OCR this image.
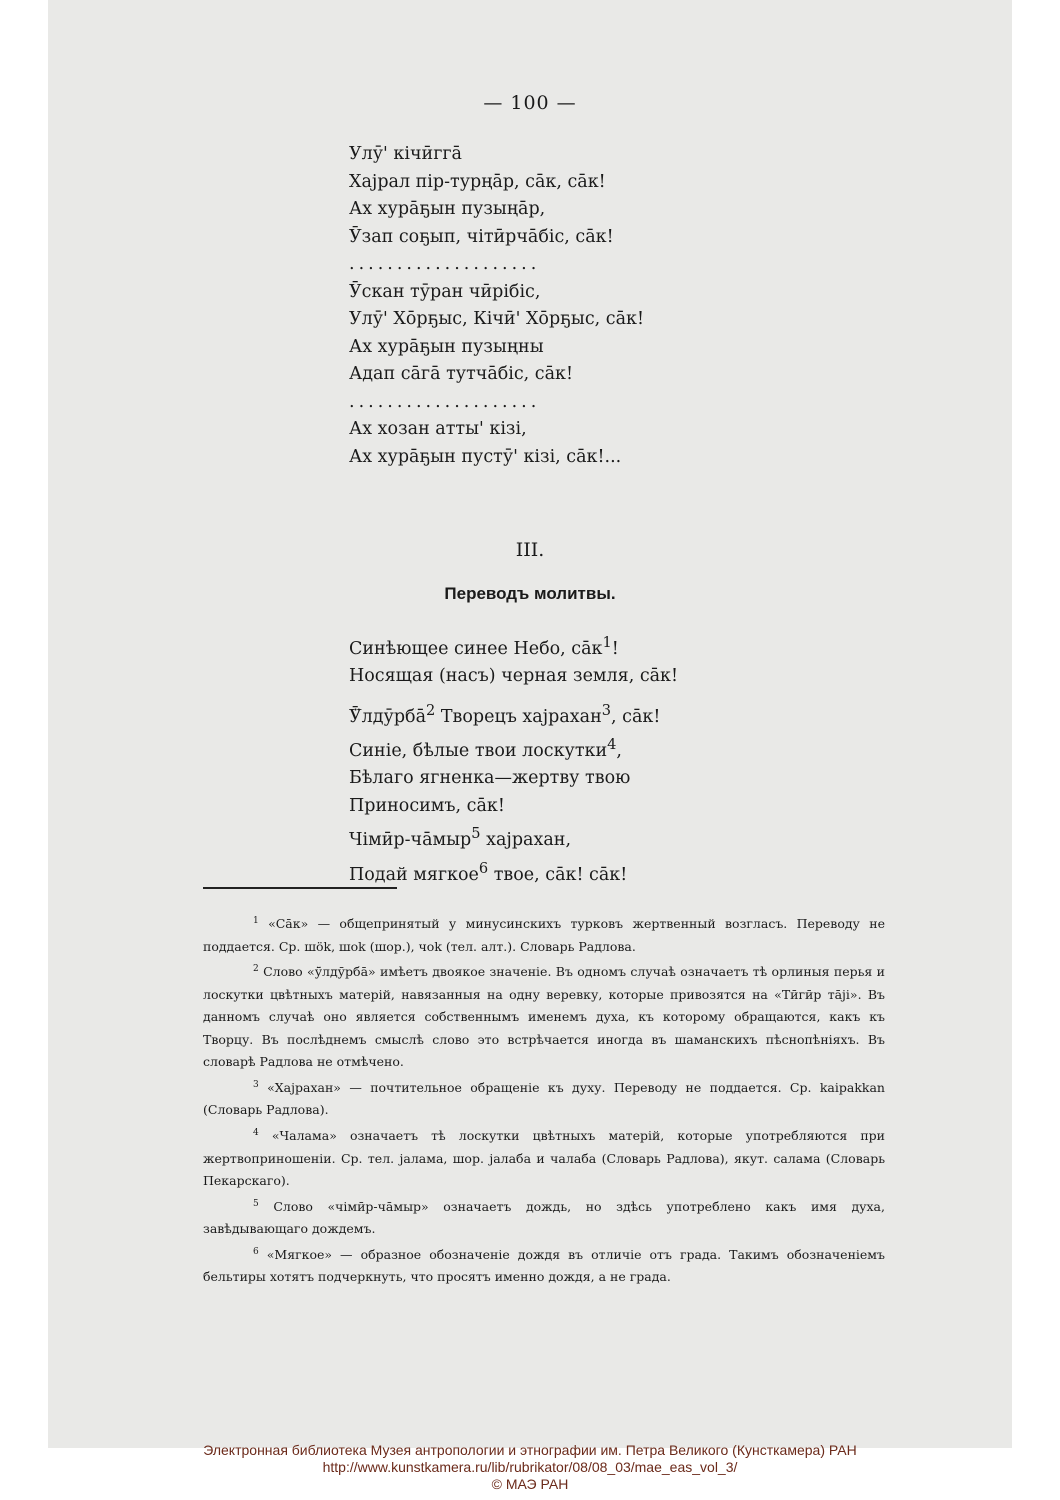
— 100 —
Улӯ' кічӣгга̄
Хајрал пір-турңа̄р, са̄к, са̄к!
Ах хура̄ҕын пузыңа̄р,
Ӯзап соҕып, чітӣрча̄біс, са̄к!
....................
Ӯскан тӯран чӣрібіс,
Улӯ' Хо̄рҕыс, Кічӣ' Хо̄рҕыс, са̄к!
Ах хура̄ҕын пузыңны
Адап са̄га̄ тутча̄біс, са̄к!
....................
Ах хозан атты' кізі,
Ах хура̄ҕын пустӯ' кізі, са̄к!...
III.
Переводъ молитвы.
Синѣющее синее Небо, $са̄к^1$!
Носящая (насъ) черная земля, са̄к!
Ӯ̈лдӯрба̄$^2$ Творецъ хајрахан$^3$, са̄к!
Синіе, бѣлые твои лоскутки$^4$,
Бѣлаго ягненка—жертву твою
Приносимъ, са̄к!
Чімӣр-ча̄мыр$^5$ хајрахан,
Подай мягкое$^6$ твое, са̄к! са̄к!

$^1$ «Са̄к» — общепринятый у минусинскихъ турковъ жертвенный возгласъ. Переводу не поддается. Ср. шök, шok (шор.), чok (тел. алт.). Словарь Радлова.

$^2$ Слово «ӯ̈лдӯрба̄» имѣетъ двоякое значеніе. Въ одномъ случаѣ означаетъ тѣ орлиныя перья и лоскутки цвѣтныхъ матерій, навязанныя на одну веревку, которые привозятся на «Тӣгӣр та̄јі». Въ данномъ случаѣ оно является собственнымъ именемъ духа, къ которому обращаются, какъ къ Творцу. Въ послѣднемъ смыслѣ слово это встрѣчается иногда въ шаманскихъ пѣснопѣніяхъ. Въ словарѣ Радлова не отмѣчено.

$^3$ «Хајрахан» — почтительное обращеніе къ духу. Переводу не поддается. Ср. kaipakkan (Словарь Радлова).

$^4$ «Чалама» означаетъ тѣ лоскутки цвѣтныхъ матерій, которые употребляются при жертвоприношеніи. Ср. тел. јалама, шор. јалаба и чалаба (Словарь Радлова), якут. салама (Словарь Пекарскаго).

$^5$ Слово «чімӣр-ча̄мыр» означаетъ дождь, но здѣсь употреблено какъ имя духа, завѣдывающаго дождемъ.

$^6$ «Мягкое» — образное обозначеніе дождя въ отличіе отъ града. Такимъ обозначеніемъ бельтиры хотятъ подчеркнуть, что просятъ именно дождя, а не града.

Электронная библиотека Музея антропологии и этнографии им. Петра Великого (Кунсткамера) РАН
http://www.kunstkamera.ru/lib/rubrikator/08/08_03/mae_eas_vol_3/
© МАЭ РАН
